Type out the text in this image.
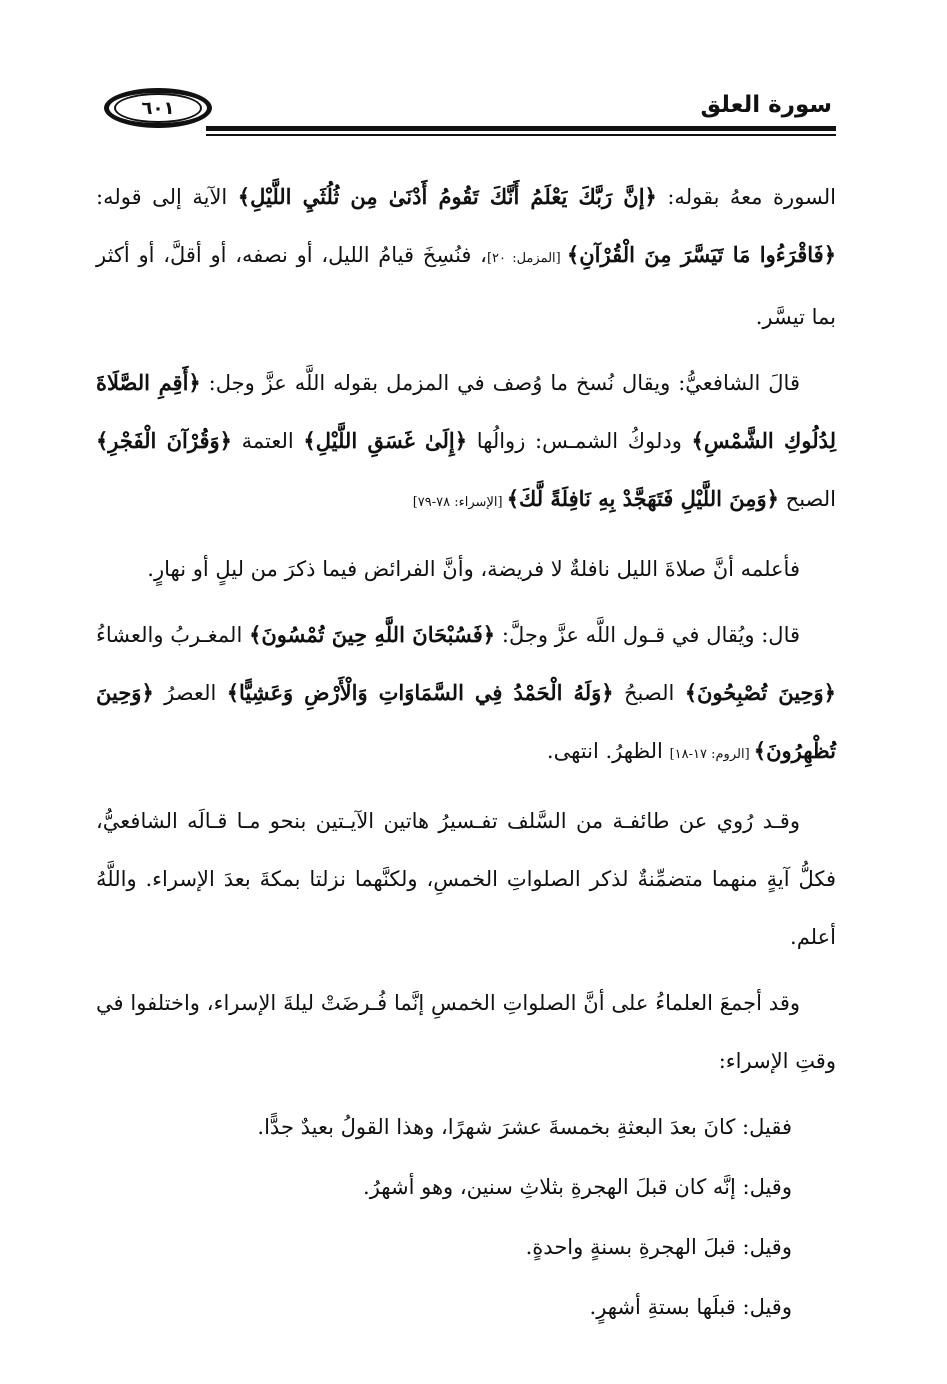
٦٠١	سورة العلق

السورة معهُ بقوله: ﴿إنَّ رَبَّكَ يَعْلَمُ أَنَّكَ تَقُومُ أَدْنَىٰ مِن ثُلُثَيِ اللَّيْلِ﴾ الآية إلى قوله: ﴿فَاقْرَءُوا مَا تَيَسَّرَ مِنَ الْقُرْآنِ﴾ [المزمل: ٢٠]، فنُسِخَ قيامُ الليل، أو نصفه، أو أقلَّ، أو أكثر بما تيسَّر.

قالَ الشافعيُّ: ويقال نُسخ ما وُصف في المزمل بقوله اللَّه عزَّ وجل: ﴿أَقِمِ الصَّلَاةَ لِدُلُوكِ الشَّمْسِ﴾ ودلوكُ الشمـس: زوالُها ﴿إِلَىٰ غَسَقِ اللَّيْلِ﴾ العتمة ﴿وَقُرْآنَ الْفَجْرِ﴾ الصبح ﴿وَمِنَ اللَّيْلِ فَتَهَجَّدْ بِهِ نَافِلَةً لَّكَ﴾ [الإسراء: ٧٨-٧٩]

فأعلمه أنَّ صلاةَ الليل نافلةٌ لا فريضة، وأنَّ الفرائض فيما ذكرَ من ليلٍ أو نهارٍ.

قال: ويُقال في قـول اللَّه عزَّ وجلَّ: ﴿فَسُبْحَانَ اللَّهِ حِينَ تُمْسُونَ﴾ المغـربُ والعشاءُ ﴿وَحِينَ تُصْبِحُونَ﴾ الصبحُ ﴿وَلَهُ الْحَمْدُ فِي السَّمَاوَاتِ وَالْأَرْضِ وَعَشِيًّا﴾ العصرُ ﴿وَحِينَ تُظْهِرُونَ﴾ [الروم: ١٧-١٨] الظهرُ. انتهى.

وقـد رُوي عن طائفـة من السَّلف تفـسيرُ هاتين الآيـتين بنحو مـا قـالَه الشافعيُّ، فكلُّ آيةٍ منهما متضمِّنةٌ لذكر الصلواتِ الخمسِ، ولكنَّهما نزلتا بمكةَ بعدَ الإسراء. واللَّهُ أعلم.

وقد أجمعَ العلماءُ على أنَّ الصلواتِ الخمسِ إنَّما فُـرضَتْ ليلةَ الإسراء، واختلفوا في وقتِ الإسراء:

فقيل: كانَ بعدَ البعثةِ بخمسةَ عشرَ شهرًا، وهذا القولُ بعيدٌ جدًّا.

وقيل: إنَّه كان قبلَ الهجرةِ بثلاثِ سنين، وهو أشهرُ.

وقيل: قبلَ الهجرةِ بسنةٍ واحدةٍ.

وقيل: قبلَها بستةِ أشهرٍ.
